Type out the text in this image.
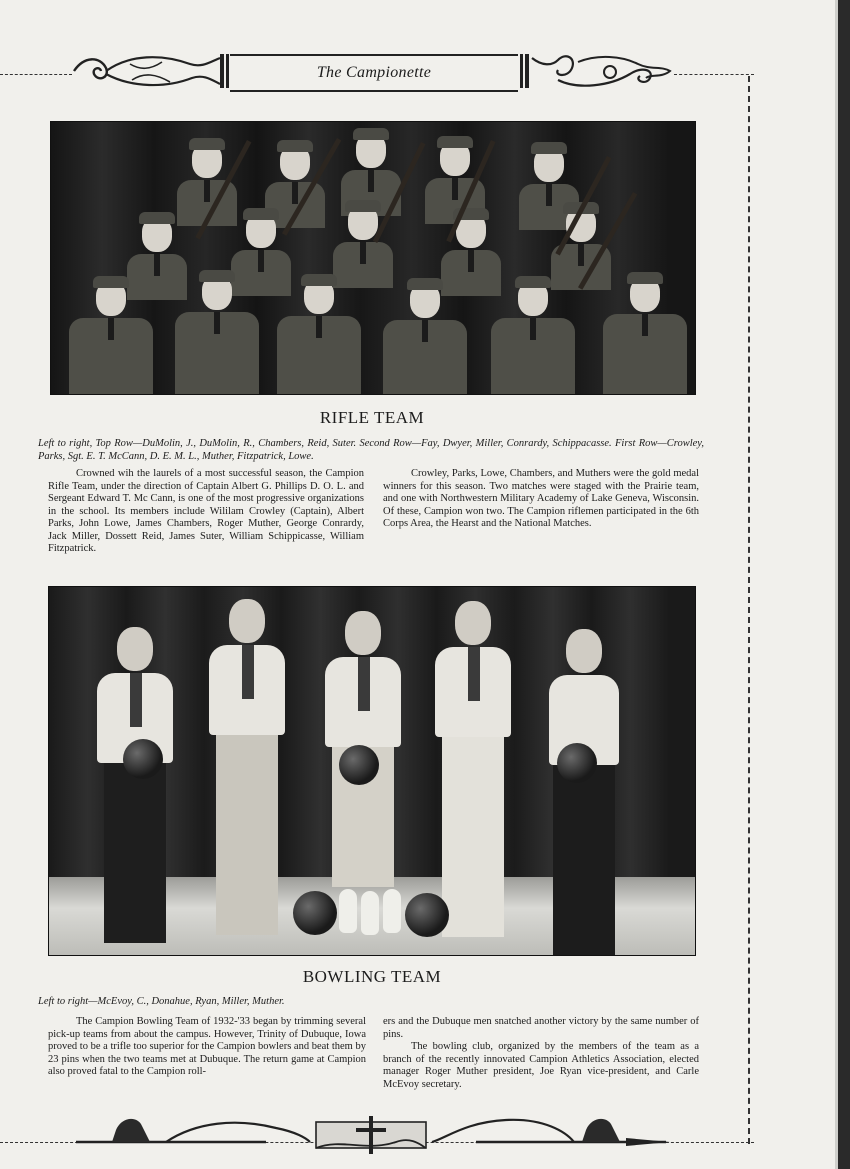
The Campionette
RIFLE TEAM
Left to right, Top Row—DuMolin, J., DuMolin, R., Chambers, Reid, Suter. Second Row—Fay, Dwyer, Miller, Conrardy, Schippacasse. First Row—Crowley, Parks, Sgt. E. T. McCann, D. E. M. L., Muther, Fitzpatrick, Lowe.

Crowned wih the laurels of a most successful season, the Campion Rifle Team, under the direction of Captain Albert G. Phillips D. O. L. and Sergeant Edward T. Mc Cann, is one of the most progressive organizations in the school. Its members include Wililam Crowley (Captain), Albert Parks, John Lowe, James Chambers, Roger Muther, George Conrardy, Jack Miller, Dossett Reid, James Suter, William Schippicasse, William Fitzpatrick.

Crowley, Parks, Lowe, Chambers, and Muthers were the gold medal winners for this season. Two matches were staged with the Prairie team, and one with Northwestern Military Academy of Lake Geneva, Wisconsin. Of these, Campion won two. The Campion riflemen participated in the 6th Corps Area, the Hearst and the National Matches.

BOWLING TEAM
Left to right—McEvoy, C., Donahue, Ryan, Miller, Muther.

The Campion Bowling Team of 1932-'33 began by trimming several pick-up teams from about the campus. However, Trinity of Dubuque, Iowa proved to be a trifle too superior for the Campion bowlers and beat them by 23 pins when the two teams met at Dubuque. The return game at Campion also proved fatal to the Campion roll-

ers and the Dubuque men snatched another victory by the same number of pins.

The bowling club, organized by the members of the team as a branch of the recently innovated Campion Athletics Association, elected manager Roger Muther president, Joe Ryan vice-president, and Carle McEvoy secretary.
